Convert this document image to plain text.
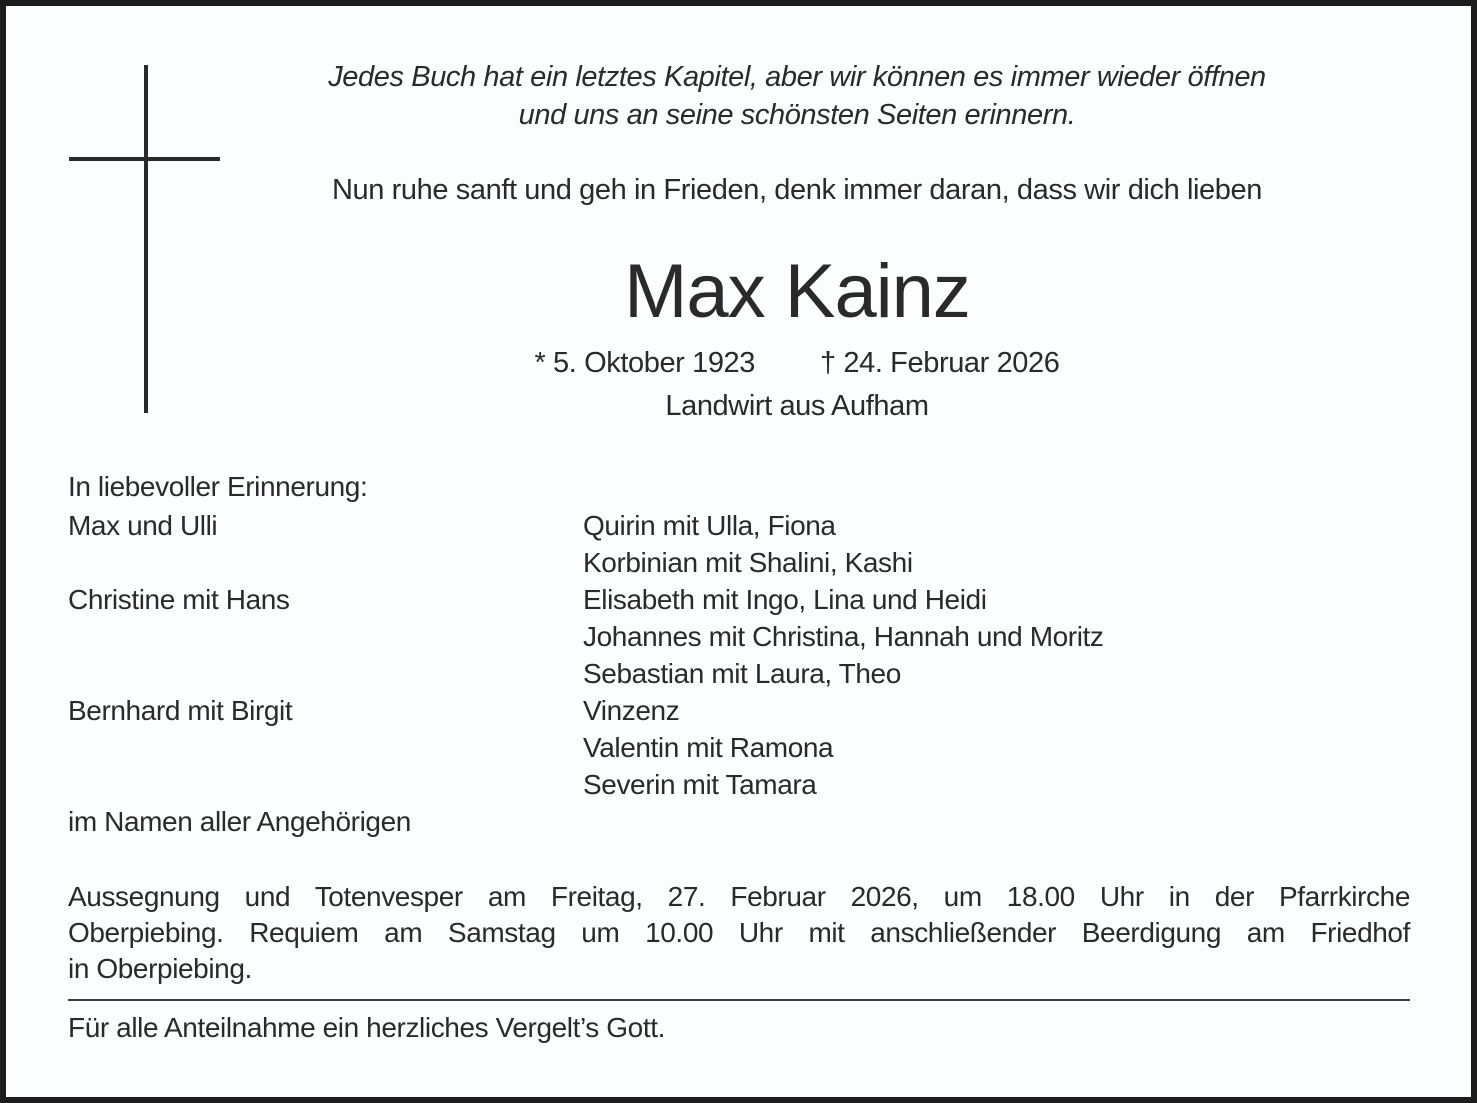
Jedes Buch hat ein letztes Kapitel, aber wir können es immer wieder öffnen
und uns an seine schönsten Seiten erinnern.
Nun ruhe sanft und geh in Frieden, denk immer daran, dass wir dich lieben
Max Kainz
* 5. Oktober 1923 † 24. Februar 2026
Landwirt aus Aufham
In liebevoller Erinnerung:
Max und Ulli	Quirin mit Ulla, Fiona
Korbinian mit Shalini, Kashi
Christine mit Hans	Elisabeth mit Ingo, Lina und Heidi
Johannes mit Christina, Hannah und Moritz
Sebastian mit Laura, Theo
Bernhard mit Birgit	Vinzenz
Valentin mit Ramona
Severin mit Tamara
im Namen aller Angehörigen
Aussegnung und Totenvesper am Freitag, 27. Februar 2026, um 18.00 Uhr in der Pfarrkirche
Oberpiebing. Requiem am Samstag um 10.00 Uhr mit anschließender Beerdigung am Friedhof
in Oberpiebing.
Für alle Anteilnahme ein herzliches Vergelt’s Gott.
